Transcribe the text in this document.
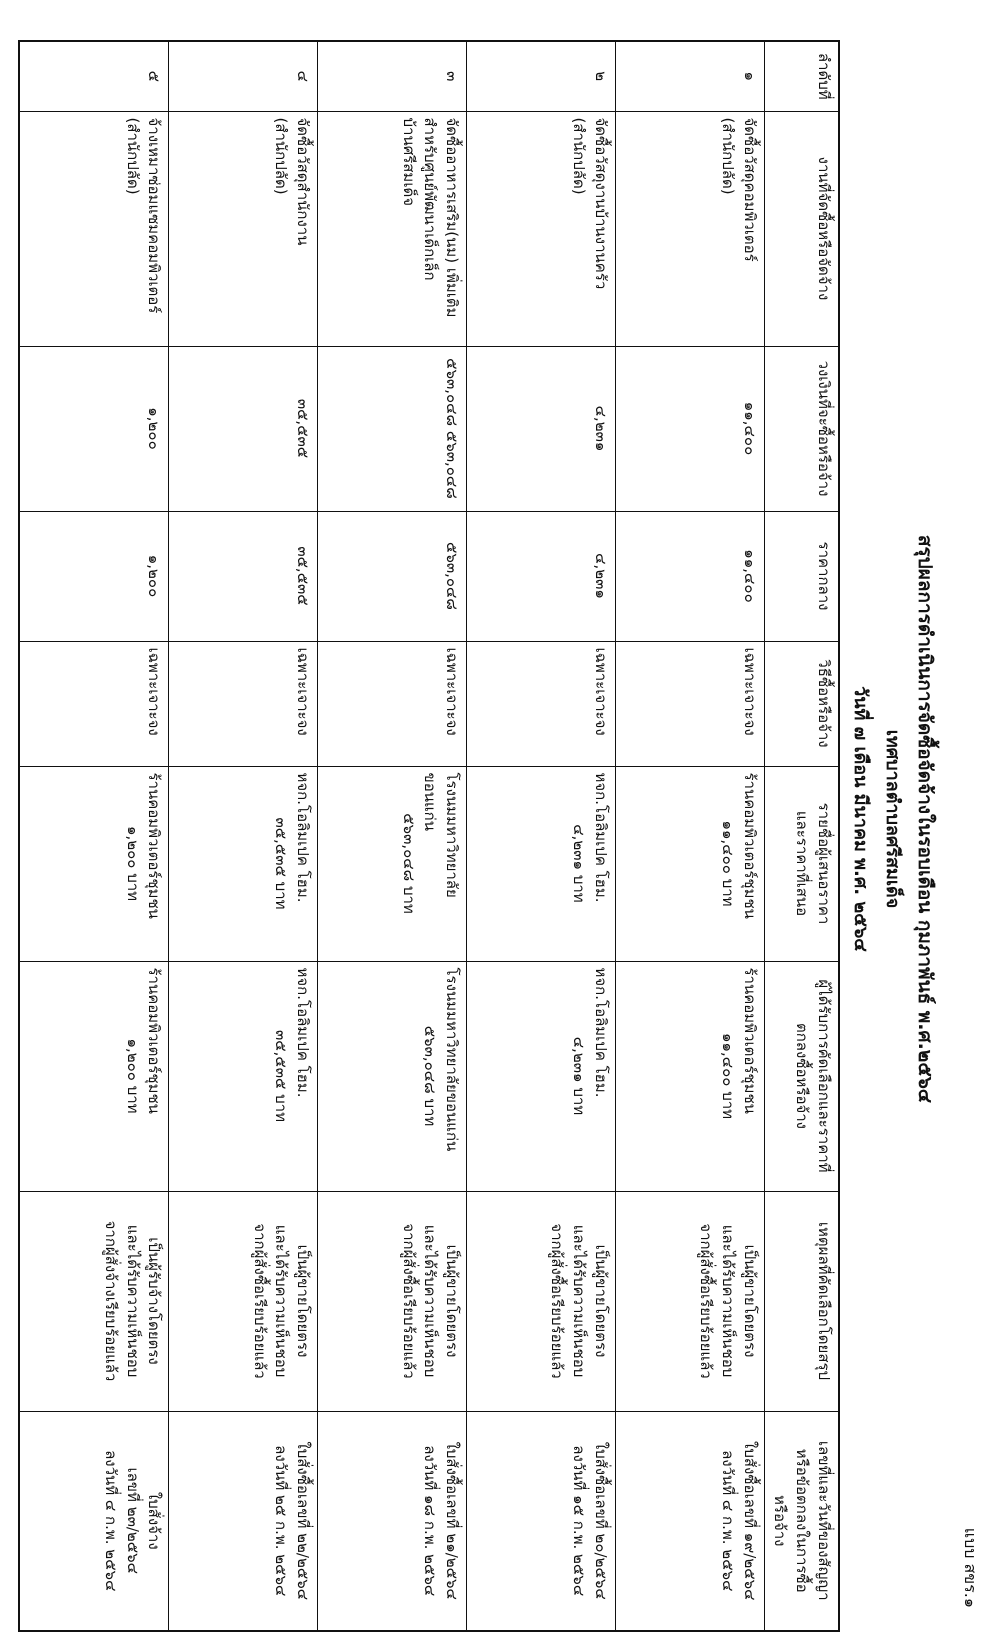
แบบ สขร.๑
สรุปผลการดำเนินการจัดซื้อจัดจ้างในรอบเดือน กุมภาพันธ์ พ.ศ.๒๕๖๔
เทศบาลตำบลศรีสมเด็จ
วันที่ ๗ เดือน มีนาคม พ.ศ. ๒๕๖๔
ลำดับที่	งานที่จัดซื้อหรือจัดจ้าง	วงเงินที่จะซื้อหรือจ้าง	ราคากลาง	วิธีซื้อหรือจ้าง	รายชื่อผู้เสนอราคา
และราคาที่เสนอ	ผู้ได้รับการคัดเลือกและราคาที่
ตกลงซื้อหรือจ้าง	เหตุผลที่คัดเลือกโดยสรุป	เลขที่และวันที่ของสัญญา
หรือข้อตกลงในการซื้อ
หรือจ้าง

๑	จัดซื้อวัสดุคอมพิวเตอร์
(สำนักปลัด)	๑๑,๔๐๐	๑๑,๔๐๐	เฉพาะเจาะจง	ร้านคอมพิวเตอร์ชุมชน
๑๑,๔๐๐ บาท	ร้านคอมพิวเตอร์ชุมชน
๑๑,๔๐๐ บาท	เป็นผู้ขายโดยตรง
และได้รับความเห็นชอบ
จากผู้สั่งซื้อเรียบร้อยแล้ว	ใบสั่งซื้อเลขที่ ๑๙/๒๕๖๔
ลงวันที่ ๔ ก.พ. ๒๕๖๔

๒	จัดซื้อวัสดุงานบ้านงานครัว
(สำนักปลัด)	๔,๒๓๑	๔,๒๓๑	เฉพาะเจาะจง	หจก.โอลิมเปค โฮม.
๔,๒๓๑ บาท	หจก.โอลิมเปค โฮม.
๔,๒๓๑ บาท	เป็นผู้ขายโดยตรง
และได้รับความเห็นชอบ
จากผู้สั่งซื้อเรียบร้อยแล้ว	ใบสั่งซื้อเลขที่ ๒๐/๒๕๖๔
ลงวันที่ ๑๕ ก.พ. ๒๕๖๔

๓	จัดซื้ออาหารเสริม(นม) เพิ่มเติม
สำหรับศูนย์พัฒนาเด็กเล็ก
บ้านศรีสมเด็จ	๕๖๓,๐๔๘ ๕๖๓,๐๔๘	๕๖๓,๐๔๘	เฉพาะเจาะจง	โรงนมมหาวิทยาลัยขอนแก่น
๕๖๓,๐๔๘ บาท	โรงนมมหาวิทยาลัยขอนแก่น
๕๖๓,๐๔๘ บาท	เป็นผู้ขายโดยตรง
และได้รับความเห็นชอบ
จากผู้สั่งซื้อเรียบร้อยแล้ว	ใบสั่งซื้อเลขที่ ๒๑/๒๕๖๔
ลงวันที่ ๑๘ ก.พ. ๒๕๖๔

๔	จัดซื้อวัสดุสำนักงาน
(สำนักปลัด)	๓๕,๕๓๕	๓๕,๕๓๕	เฉพาะเจาะจง	หจก.โอลิมเปค โฮม.
๓๕,๕๓๕ บาท	หจก.โอลิมเปค โฮม.
๓๕,๕๓๕ บาท	เป็นผู้ขายโดยตรง
และได้รับความเห็นชอบ
จากผู้สั่งซื้อเรียบร้อยแล้ว	ใบสั่งซื้อเลขที่ ๒๒/๒๕๖๔
ลงวันที่ ๒๕ ก.พ. ๒๕๖๔

๕	จ้างเหมาซ่อมแซมคอมพิวเตอร์
(สำนักปลัด)	๑,๒๐๐	๑,๒๐๐	เฉพาะเจาะจง	ร้านคอมพิวเตอร์ชุมชน
๑,๒๐๐ บาท	ร้านคอมพิวเตอร์ชุมชน
๑,๒๐๐ บาท	เป็นผู้รับจ้างโดยตรง
และได้รับความเห็นชอบ
จากผู้สั่งจ้างเรียบร้อยแล้ว	ใบสั่งจ้าง
เลขที่ ๒๓/๒๕๖๔
ลงวันที่ ๔ ก.พ. ๒๕๖๔
